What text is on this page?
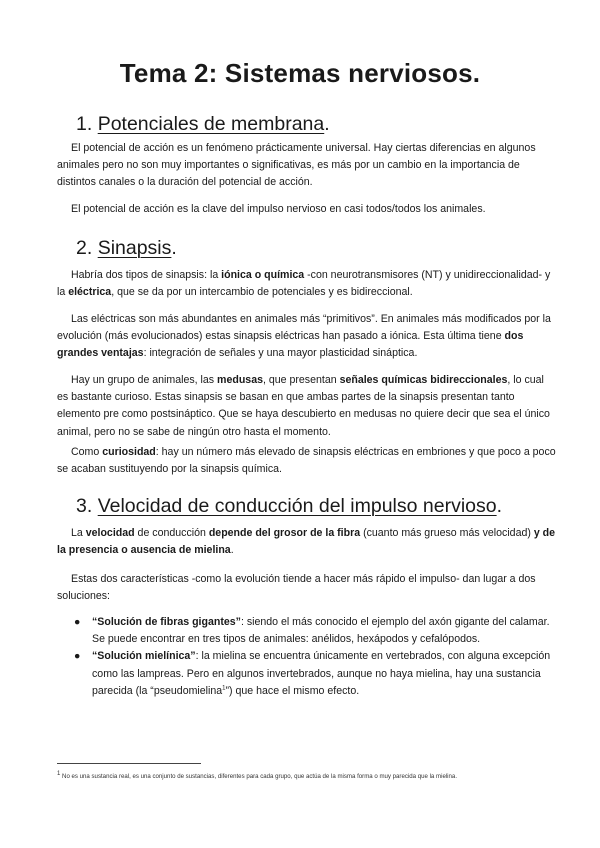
Tema 2: Sistemas nerviosos.
1. Potenciales de membrana.

El potencial de acción es un fenómeno prácticamente universal. Hay ciertas diferencias en algunos animales pero no son muy importantes o significativas, es más por un cambio en la importancia de distintos canales o la duración del potencial de acción.

El potencial de acción es la clave del impulso nervioso en casi todos/todos los animales.

2. Sinapsis.

Habría dos tipos de sinapsis: la iónica o química -con neurotransmisores (NT) y unidireccionalidad- y la eléctrica, que se da por un intercambio de potenciales y es bidireccional.

Las eléctricas son más abundantes en animales más “primitivos”. En animales más modificados por la evolución (más evolucionados) estas sinapsis eléctricas han pasado a iónica. Esta última tiene dos grandes ventajas: integración de señales y una mayor plasticidad sináptica.

Hay un grupo de animales, las medusas, que presentan señales químicas bidireccionales, lo cual es bastante curioso. Estas sinapsis se basan en que ambas partes de la sinapsis presentan tanto elemento pre como postsináptico. Que se haya descubierto en medusas no quiere decir que sea el único animal, pero no se sabe de ningún otro hasta el momento.

Como curiosidad: hay un número más elevado de sinapsis eléctricas en embriones y que poco a poco se acaban sustituyendo por la sinapsis química.

3. Velocidad de conducción del impulso nervioso.

La velocidad de conducción depende del grosor de la fibra (cuanto más grueso más velocidad) y de la presencia o ausencia de mielina.

Estas dos características -como la evolución tiende a hacer más rápido el impulso- dan lugar a dos soluciones:

● “Solución de fibras gigantes”: siendo el más conocido el ejemplo del axón gigante del calamar. Se puede encontrar en tres tipos de animales: anélidos, hexápodos y cefalópodos.
● “Solución mielínica”: la mielina se encuentra únicamente en vertebrados, con alguna excepción como las lampreas. Pero en algunos invertebrados, aunque no haya mielina, hay una sustancia parecida (la “pseudomielina$^1$”) que hace el mismo efecto.

$^1$ No es una sustancia real, es una conjunto de sustancias, diferentes para cada grupo, que actúa de la misma forma o muy parecida que la mielina.
